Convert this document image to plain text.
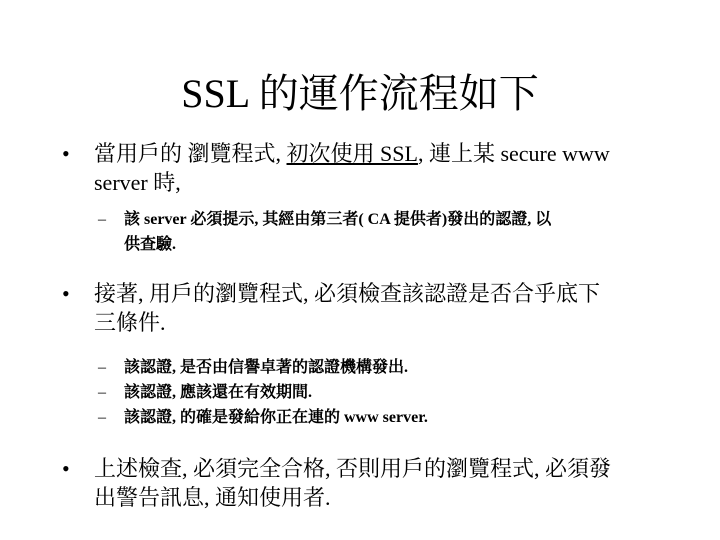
SSL 的運作流程如下
• 當用戶的 瀏覽程式, 初次使用 SSL, 連上某 secure www
server 時,
– 該 server 必須提示, 其經由第三者( CA 提供者)發出的認證, 以
供查驗.
• 接著, 用戶的瀏覽程式, 必須檢查該認證是否合乎底下
三條件.
– 該認證, 是否由信譽卓著的認證機構發出.
– 該認證, 應該還在有效期間.
– 該認證, 的確是發給你正在連的 www server.
• 上述檢查, 必須完全合格, 否則用戶的瀏覽程式, 必須發
出警告訊息, 通知使用者.
